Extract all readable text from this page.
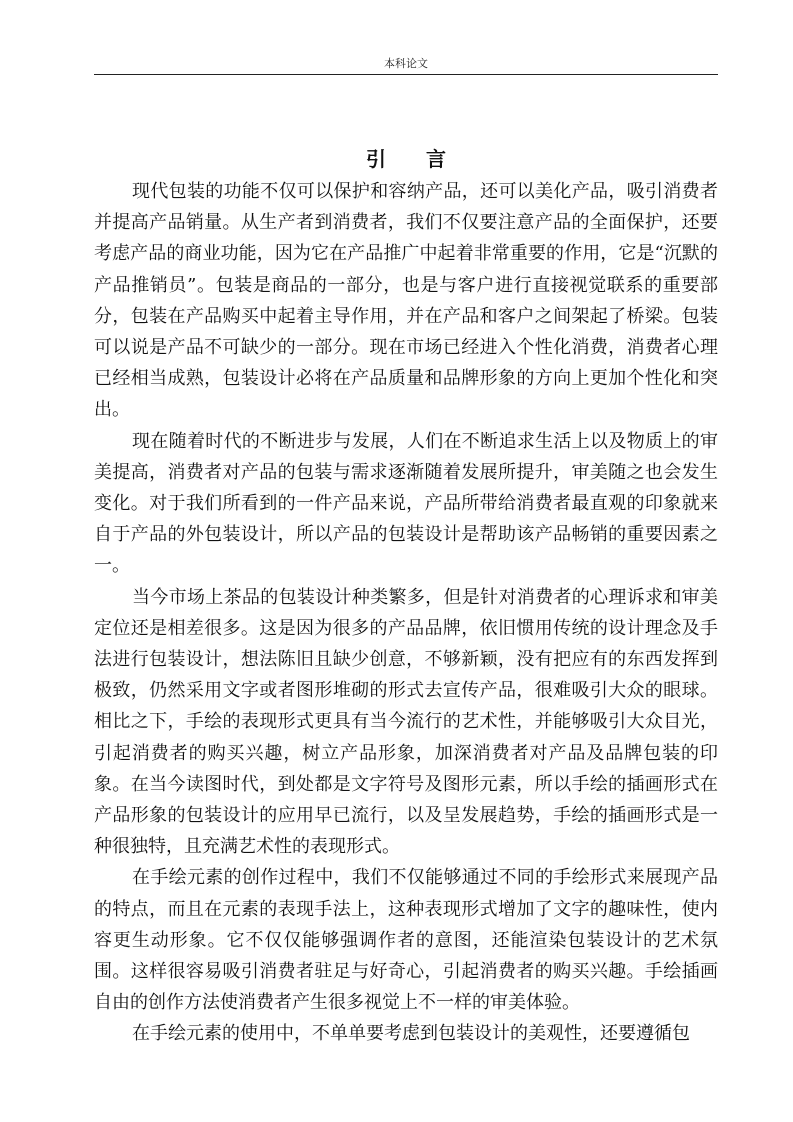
本科论文
引言

现代包装的功能不仅可以保护和容纳产品，还可以美化产品，吸引消费者并提高产品销量。从生产者到消费者，我们不仅要注意产品的全面保护，还要考虑产品的商业功能，因为它在产品推广中起着非常重要的作用，它是“沉默的产品推销员”。包装是商品的一部分，也是与客户进行直接视觉联系的重要部分，包装在产品购买中起着主导作用，并在产品和客户之间架起了桥梁。包装可以说是产品不可缺少的一部分。现在市场已经进入个性化消费，消费者心理已经相当成熟，包装设计必将在产品质量和品牌形象的方向上更加个性化和突出。

现在随着时代的不断进步与发展，人们在不断追求生活上以及物质上的审美提高，消费者对产品的包装与需求逐渐随着发展所提升，审美随之也会发生变化。对于我们所看到的一件产品来说，产品所带给消费者最直观的印象就来自于产品的外包装设计，所以产品的包装设计是帮助该产品畅销的重要因素之一。

当今市场上茶品的包装设计种类繁多，但是针对消费者的心理诉求和审美定位还是相差很多。这是因为很多的产品品牌，依旧惯用传统的设计理念及手法进行包装设计，想法陈旧且缺少创意，不够新颖，没有把应有的东西发挥到极致，仍然采用文字或者图形堆砌的形式去宣传产品，很难吸引大众的眼球。相比之下，手绘的表现形式更具有当今流行的艺术性，并能够吸引大众目光，引起消费者的购买兴趣，树立产品形象，加深消费者对产品及品牌包装的印象。在当今读图时代，到处都是文字符号及图形元素，所以手绘的插画形式在产品形象的包装设计的应用早已流行，以及呈发展趋势，手绘的插画形式是一种很独特，且充满艺术性的表现形式。

在手绘元素的创作过程中，我们不仅能够通过不同的手绘形式来展现产品的特点，而且在元素的表现手法上，这种表现形式增加了文字的趣味性，使内容更生动形象。它不仅仅能够强调作者的意图，还能渲染包装设计的艺术氛围。这样很容易吸引消费者驻足与好奇心，引起消费者的购买兴趣。手绘插画自由的创作方法使消费者产生很多视觉上不一样的审美体验。

在手绘元素的使用中，不单单要考虑到包装设计的美观性，还要遵循包
